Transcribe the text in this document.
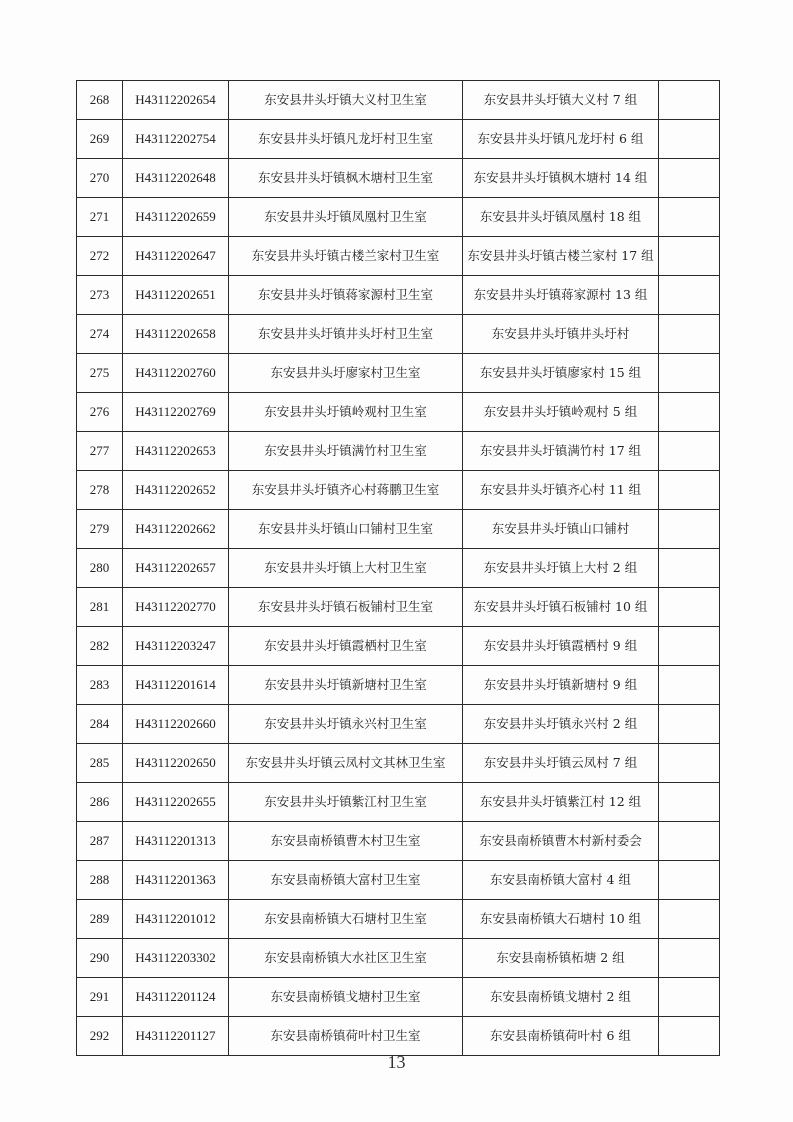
268	H43112202654	东安县井头圩镇大义村卫生室	东安县井头圩镇大义村 7 组	
269	H43112202754	东安县井头圩镇凡龙圩村卫生室	东安县井头圩镇凡龙圩村 6 组	
270	H43112202648	东安县井头圩镇枫木塘村卫生室	东安县井头圩镇枫木塘村 14 组	
271	H43112202659	东安县井头圩镇凤凰村卫生室	东安县井头圩镇凤凰村 18 组	
272	H43112202647	东安县井头圩镇古楼兰家村卫生室	东安县井头圩镇古楼兰家村 17 组	
273	H43112202651	东安县井头圩镇蒋家源村卫生室	东安县井头圩镇蒋家源村 13 组	
274	H43112202658	东安县井头圩镇井头圩村卫生室	东安县井头圩镇井头圩村	
275	H43112202760	东安县井头圩廖家村卫生室	东安县井头圩镇廖家村 15 组	
276	H43112202769	东安县井头圩镇岭观村卫生室	东安县井头圩镇岭观村 5 组	
277	H43112202653	东安县井头圩镇满竹村卫生室	东安县井头圩镇满竹村 17 组	
278	H43112202652	东安县井头圩镇齐心村蒋鹏卫生室	东安县井头圩镇齐心村 11 组	
279	H43112202662	东安县井头圩镇山口铺村卫生室	东安县井头圩镇山口铺村	
280	H43112202657	东安县井头圩镇上大村卫生室	东安县井头圩镇上大村 2 组	
281	H43112202770	东安县井头圩镇石板铺村卫生室	东安县井头圩镇石板铺村 10 组	
282	H43112203247	东安县井头圩镇霞栖村卫生室	东安县井头圩镇霞栖村 9 组	
283	H43112201614	东安县井头圩镇新塘村卫生室	东安县井头圩镇新塘村 9 组	
284	H43112202660	东安县井头圩镇永兴村卫生室	东安县井头圩镇永兴村 2 组	
285	H43112202650	东安县井头圩镇云凤村文其林卫生室	东安县井头圩镇云凤村 7 组	
286	H43112202655	东安县井头圩镇紫江村卫生室	东安县井头圩镇紫江村 12 组	
287	H43112201313	东安县南桥镇曹木村卫生室	东安县南桥镇曹木村新村委会	
288	H43112201363	东安县南桥镇大富村卫生室	东安县南桥镇大富村 4 组	
289	H43112201012	东安县南桥镇大石塘村卫生室	东安县南桥镇大石塘村 10 组	
290	H43112203302	东安县南桥镇大水社区卫生室	东安县南桥镇柘塘 2 组	
291	H43112201124	东安县南桥镇戈塘村卫生室	东安县南桥镇戈塘村 2 组	
292	H43112201127	东安县南桥镇荷叶村卫生室	东安县南桥镇荷叶村 6 组	
13
